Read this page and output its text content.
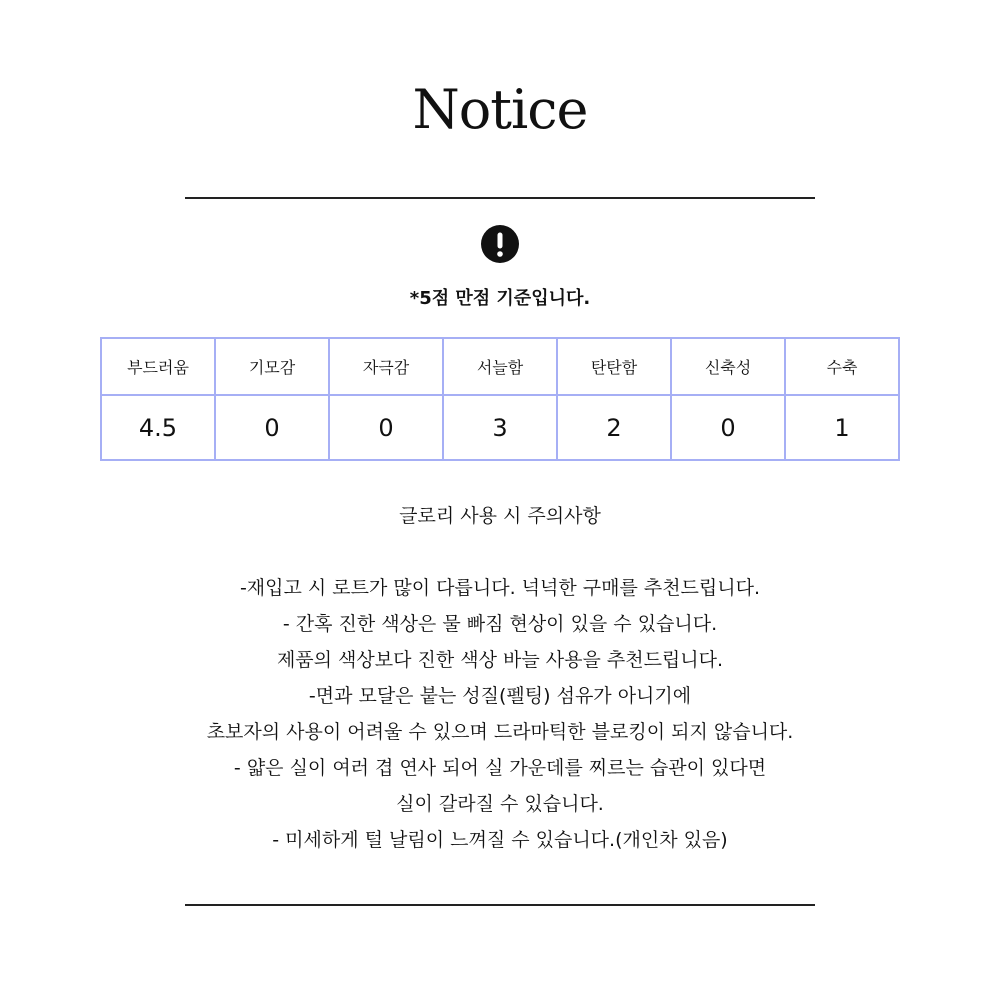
Notice
*5점 만점 기준입니다.
부드러움	기모감	자극감	서늘함	탄탄함	신축성	수축
4.5	0	0	3	2	0	1
글로리 사용 시 주의사항
-재입고 시 로트가 많이 다릅니다. 넉넉한 구매를 추천드립니다.
- 간혹 진한 색상은 물 빠짐 현상이 있을 수 있습니다.
제품의 색상보다 진한 색상 바늘 사용을 추천드립니다.
-면과 모달은 붙는 성질(펠팅) 섬유가 아니기에
초보자의 사용이 어려울 수 있으며 드라마틱한 블로킹이 되지 않습니다.
- 얇은 실이 여러 겹 연사 되어 실 가운데를 찌르는 습관이 있다면
실이 갈라질 수 있습니다.
- 미세하게 털 날림이 느껴질 수 있습니다.(개인차 있음)
